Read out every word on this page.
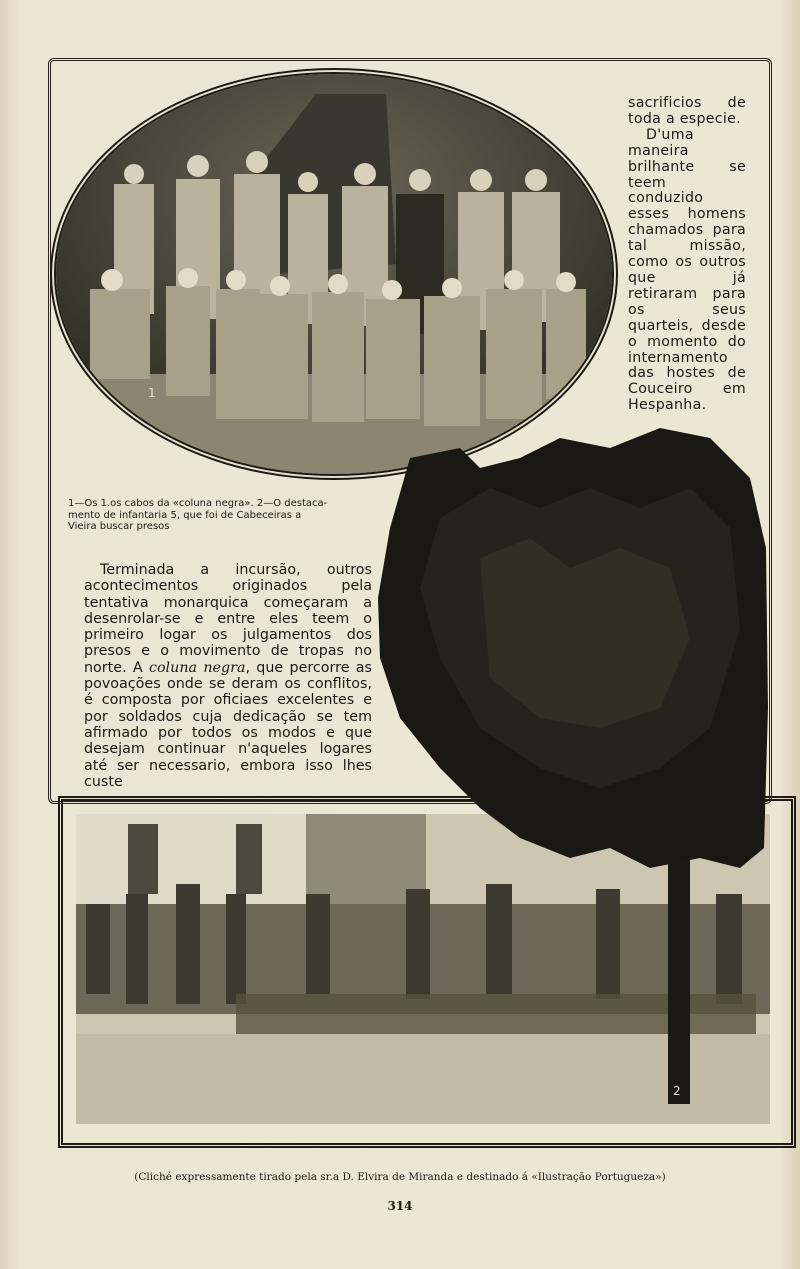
1

sacrificios de toda a especie.

D'uma maneira brilhante se teem conduzido esses homens chamados para tal missão, como os outros que já retiraram para os seus quarteis, desde o momento do internamento das hostes de Couceiro em Hespanha.

1—Os 1.os cabos da «coluna negra». 2—O destaca-
mento de infantaria 5, que foi de Cabeceiras a
Vieira buscar presos
Terminada a incursão, outros acontecimentos originados pela tentativa monarquica começaram a desenrolar-se e entre eles teem o primeiro logar os julgamentos dos presos e o movimento de tropas no norte. A coluna negra, que percorre as povoações onde se deram os conflitos, é composta por oficiaes excelentes e por soldados cuja dedicação se tem afirmado por todos os modos e que desejam continuar n'aqueles logares até ser necessario, embora isso lhes custe
2
(Cliché expressamente tirado pela sr.a D. Elvira de Miranda e destinado á «Ilustração Portugueza»)
314
